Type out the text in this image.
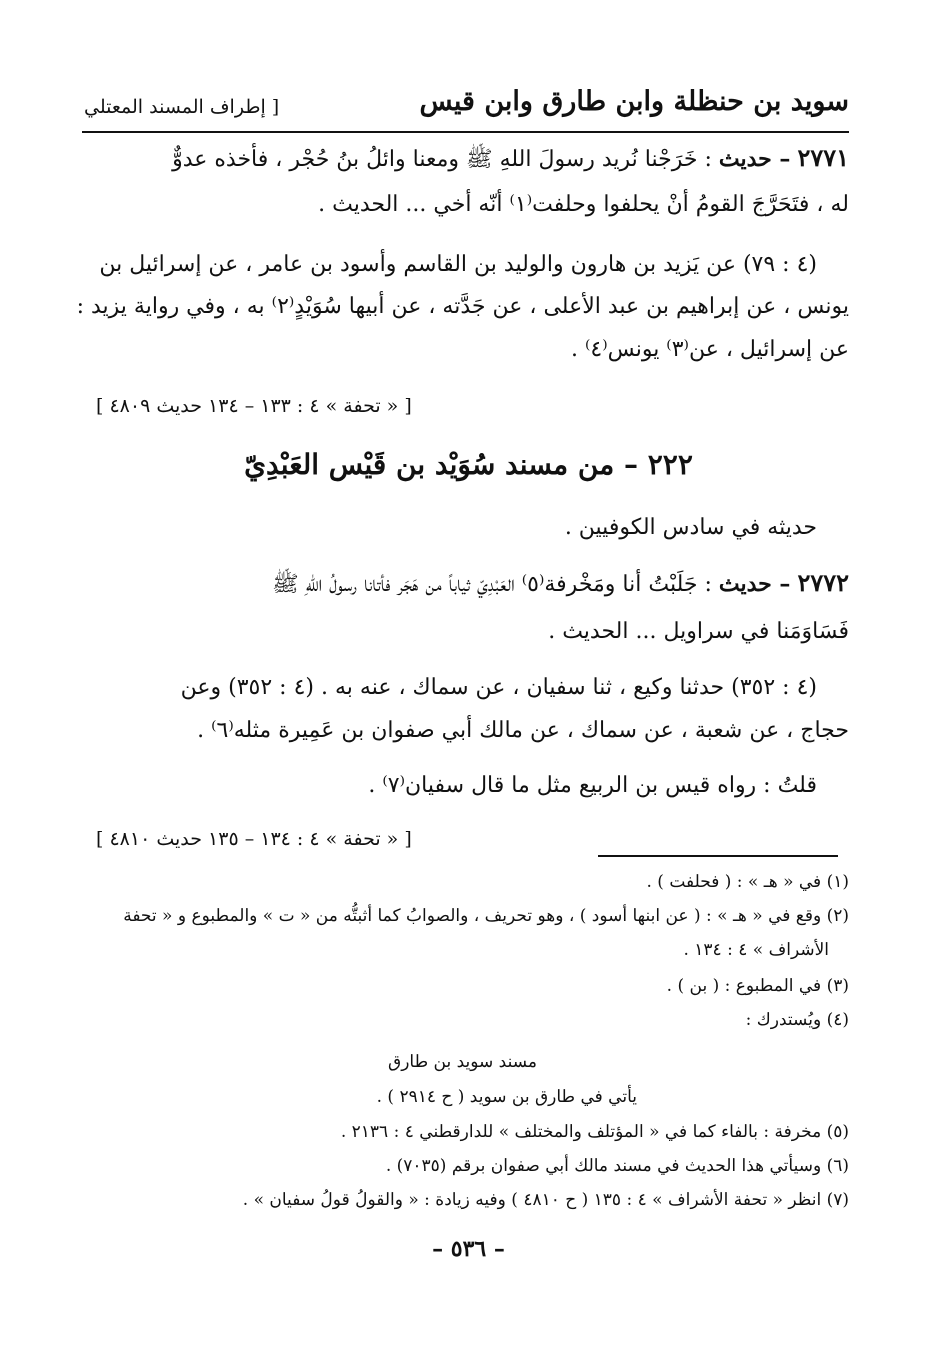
سويد بن حنظلة وابن طارق وابن قيس
[ إطراف المسند المعتلي
٢٧٧١ – حديث : خَرَجْنا نُريد رسولَ اللهِ ﷺ ومعنا وائلُ بنُ حُجْر ، فأخذه عدوٌّ
له ، فتَحَرَّجَ القومُ أنْ يحلفوا وحلفت⁽١⁾ أنّه أخي ... الحديث .
(٤ : ٧٩) عن يَزيد بن هارون والوليد بن القاسم وأسود بن عامر ، عن إسرائيل بن
يونس ، عن إبراهيم بن عبد الأعلى ، عن جَدَّته ، عن أبيها سُوَيْدٍ⁽٢⁾ به ، وفي رواية يزيد :
عن إسرائيل ، عن⁽٣⁾ يونس⁽٤⁾ .
[ « تحفة » ٤ : ١٣٣ – ١٣٤ حديث ٤٨٠٩ ]
٢٢٢ – من مسند سُوَيْد بن قَيْس العَبْدِيّ
حديثه في سادس الكوفيين .
٢٧٧٢ – حديث : جَلَبْتُ أنا ومَخْرفة⁽٥⁾ العَبْدِيّ ثياباً من هَجَر فأتانا رسولُ اللهِ ﷺ
فَسَاوَمَنا في سراويل ... الحديث .
(٤ : ٣٥٢) حدثنا وكيع ، ثنا سفيان ، عن سماك ، عنه به . (٤ : ٣٥٢) وعن
حجاج ، عن شعبة ، عن سماك ، عن مالك أبي صفوان بن عَمِيرة مثله⁽٦⁾ .
قلتُ : رواه قيس بن الربيع مثل ما قال سفيان⁽٧⁾ .
[ « تحفة » ٤ : ١٣٤ – ١٣٥ حديث ٤٨١٠ ]
(١) في « هـ » : ( فحلفت ) .
(٢) وقع في « هـ » : ( عن ابنها أسود ) ، وهو تحريف ، والصوابُ كما أثبتُّه من « ت » والمطبوع و « تحفة
الأشراف » ٤ : ١٣٤ .
(٣) في المطبوع : ( بن ) .
(٤) ويُستدرك :
مسند سويد بن طارق
يأتي في طارق بن سويد ( ح ٢٩١٤ ) .
(٥) مخرفة : بالفاء كما في « المؤتلف والمختلف » للدارقطني ٤ : ٢١٣٦ .
(٦) وسيأتي هذا الحديث في مسند مالك أبي صفوان برقم (٧٠٣٥) .
(٧) انظر « تحفة الأشراف » ٤ : ١٣٥ ( ح ٤٨١٠ ) وفيه زيادة : « والقولُ قولُ سفيان » .
– ٥٣٦ –
